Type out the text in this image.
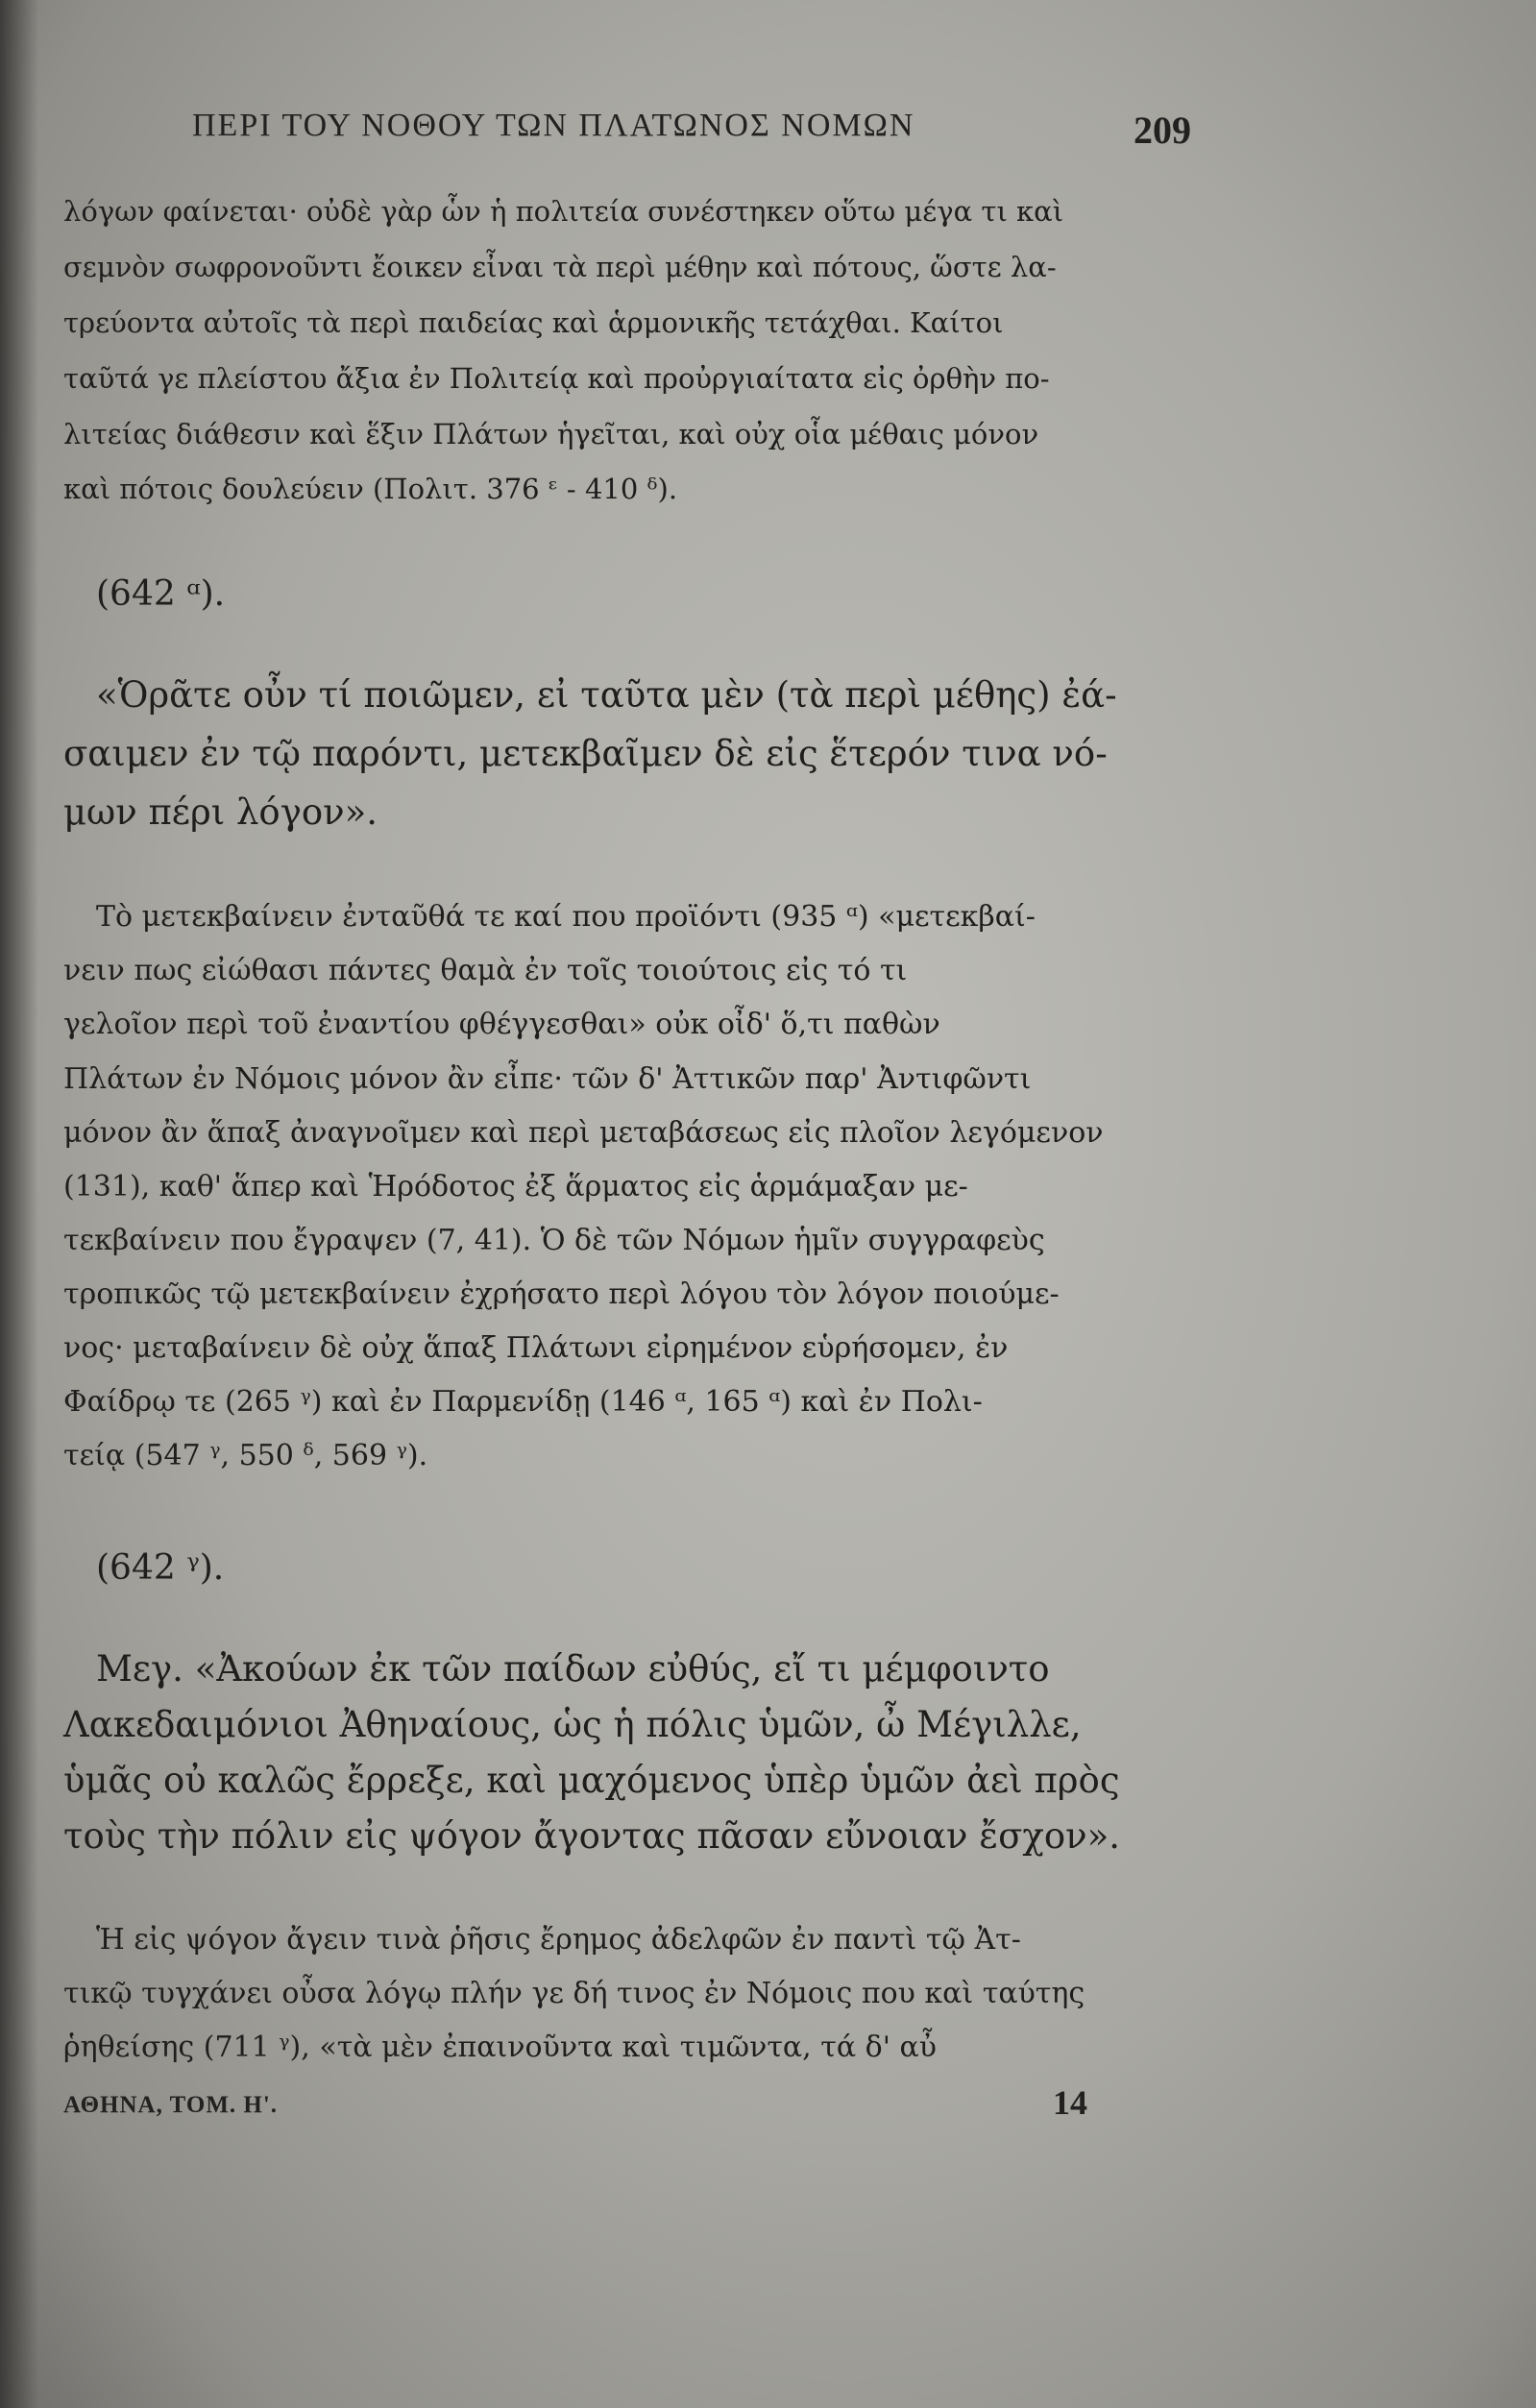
ΠΕΡΙ ΤΟΥ ΝΟΘΟΥ ΤΩΝ ΠΛΑΤΩΝΟΣ ΝΟΜΩΝ	209
λόγων φαίνεται· οὐδὲ γὰρ ὧν ἡ πολιτεία συνέστηκεν οὕτω μέγα τι καὶ
σεμνὸν σωφρονοῦντι ἔοικεν εἶναι τὰ περὶ μέθην καὶ πότους, ὥστε λα-
τρεύοντα αὐτοῖς τὰ περὶ παιδείας καὶ ἁρμονικῆς τετάχθαι. Καίτοι
ταῦτά γε πλείστου ἄξια ἐν Πολιτείᾳ καὶ προὐργιαίτατα εἰς ὀρθὴν πο-
λιτείας διάθεσιν καὶ ἕξιν Πλάτων ἡγεῖται, καὶ οὐχ οἷα μέθαις μόνον
καὶ πότοις δουλεύειν (Πολιτ. 376 ᵋ - 410 ᵟ).
(642 ᵅ).
«Ὁρᾶτε οὖν τί ποιῶμεν, εἰ ταῦτα μὲν (τὰ περὶ μέθης) ἐά-
σαιμεν ἐν τῷ παρόντι, μετεκβαῖμεν δὲ εἰς ἕτερόν τινα νό-
μων πέρι λόγον».
Τὸ μετεκβαίνειν ἐνταῦθά τε καί που προϊόντι (935 ᵅ) «μετεκβαί-
νειν πως εἰώθασι πάντες θαμὰ ἐν τοῖς τοιούτοις εἰς τό τι
γελοῖον περὶ τοῦ ἐναντίου φθέγγεσθαι» οὐκ οἶδ' ὅ,τι παθὼν
Πλάτων ἐν Νόμοις μόνον ἂν εἶπε· τῶν δ' Ἀττικῶν παρ' Ἀντιφῶντι
μόνον ἂν ἅπαξ ἀναγνοῖμεν καὶ περὶ μεταβάσεως εἰς πλοῖον λεγόμενον
(131), καθ' ἅπερ καὶ Ἡρόδοτος ἐξ ἅρματος εἰς ἁρμάμαξαν με-
τεκβαίνειν που ἔγραψεν (7, 41). Ὁ δὲ τῶν Νόμων ἡμῖν συγγραφεὺς
τροπικῶς τῷ μετεκβαίνειν ἐχρήσατο περὶ λόγου τὸν λόγον ποιούμε-
νος· μεταβαίνειν δὲ οὐχ ἅπαξ Πλάτωνι εἰρημένον εὑρήσομεν, ἐν
Φαίδρῳ τε (265 ᵞ) καὶ ἐν Παρμενίδῃ (146 ᵅ, 165 ᵅ) καὶ ἐν Πολι-
τείᾳ (547 ᵞ, 550 ᵟ, 569 ᵞ).
(642 ᵞ).
Μεγ. «Ἀκούων ἐκ τῶν παίδων εὐθύς, εἴ τι μέμφοιντο
Λακεδαιμόνιοι Ἀθηναίους, ὡς ἡ πόλις ὑμῶν, ὦ Μέγιλλε,
ὑμᾶς οὐ καλῶς ἔρρεξε, καὶ μαχόμενος ὑπὲρ ὑμῶν ἀεὶ πρὸς
τοὺς τὴν πόλιν εἰς ψόγον ἄγοντας πᾶσαν εὔνοιαν ἔσχον».
Ἡ εἰς ψόγον ἄγειν τινὰ ῥῆσις ἔρημος ἀδελφῶν ἐν παντὶ τῷ Ἀτ-
τικῷ τυγχάνει οὖσα λόγῳ πλήν γε δή τινος ἐν Νόμοις που καὶ ταύτης
ῥηθείσης (711 ᵞ), «τὰ μὲν ἐπαινοῦντα καὶ τιμῶντα, τά δ' αὖ
ΑΘΗΝΑ, ΤΟΜ. Η'.	14
